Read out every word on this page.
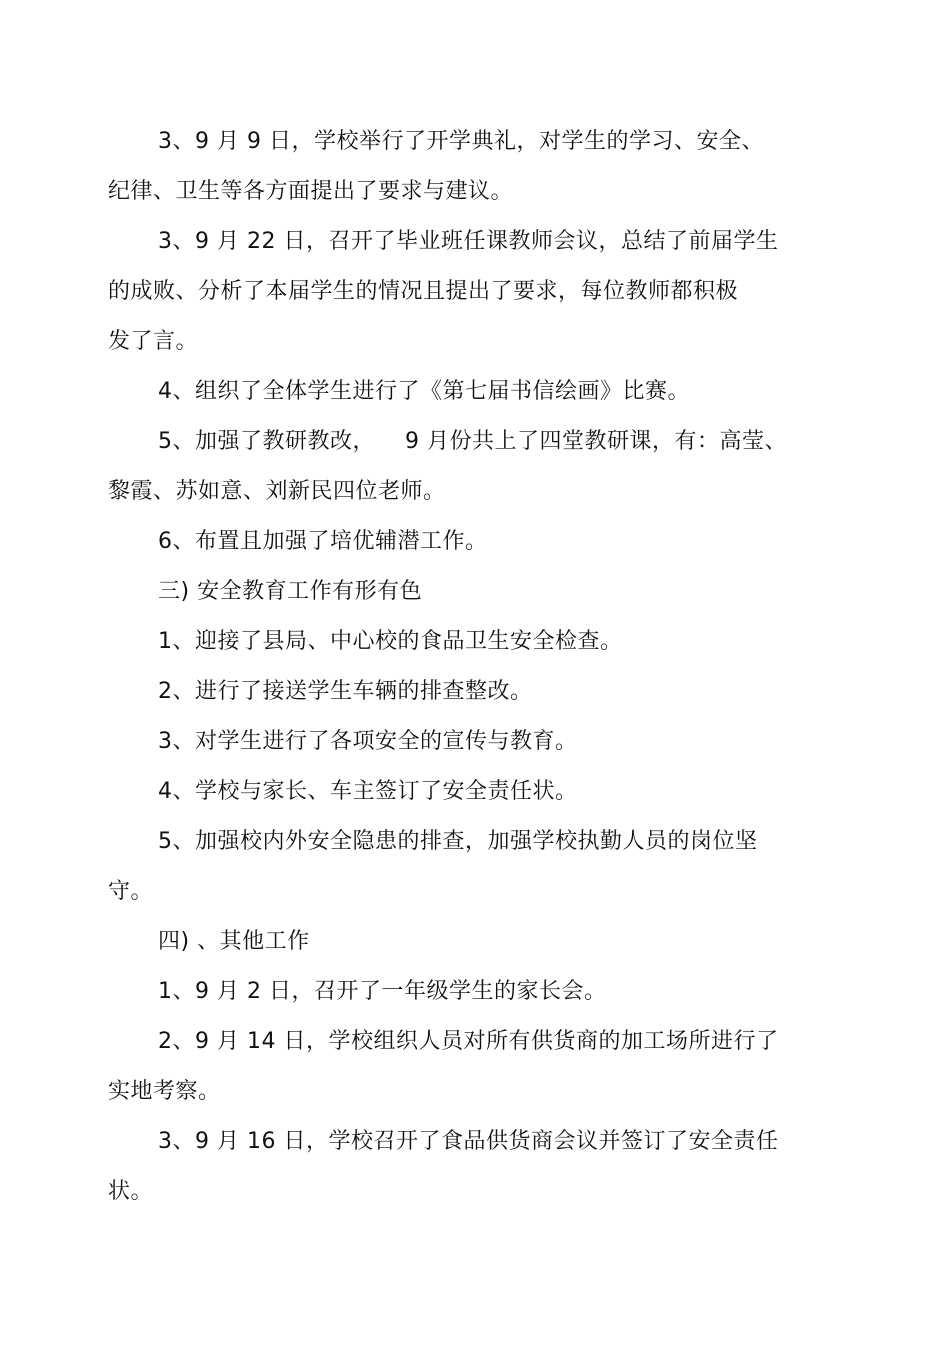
3、9 月 9 日，学校举行了开学典礼，对学生的学习、安全、
纪律、卫生等各方面提出了要求与建议。
3、9 月 22 日，召开了毕业班任课教师会议，总结了前届学生
的成败、分析了本届学生的情况且提出了要求，每位教师都积极
发了言。
4、组织了全体学生进行了《第七届书信绘画》比赛。
5、加强了教研教改，    9 月份共上了四堂教研课，有：高莹、
黎霞、苏如意、刘新民四位老师。
6、布置且加强了培优辅潜工作。
三) 安全教育工作有形有色
1、迎接了县局、中心校的食品卫生安全检查。
2、进行了接送学生车辆的排查整改。
3、对学生进行了各项安全的宣传与教育。
4、学校与家长、车主签订了安全责任状。
5、加强校内外安全隐患的排查，加强学校执勤人员的岗位坚
守。
四) 、其他工作
1、9 月 2 日，召开了一年级学生的家长会。
2、9 月 14 日，学校组织人员对所有供货商的加工场所进行了
实地考察。
3、9 月 16 日，学校召开了食品供货商会议并签订了安全责任
状。
